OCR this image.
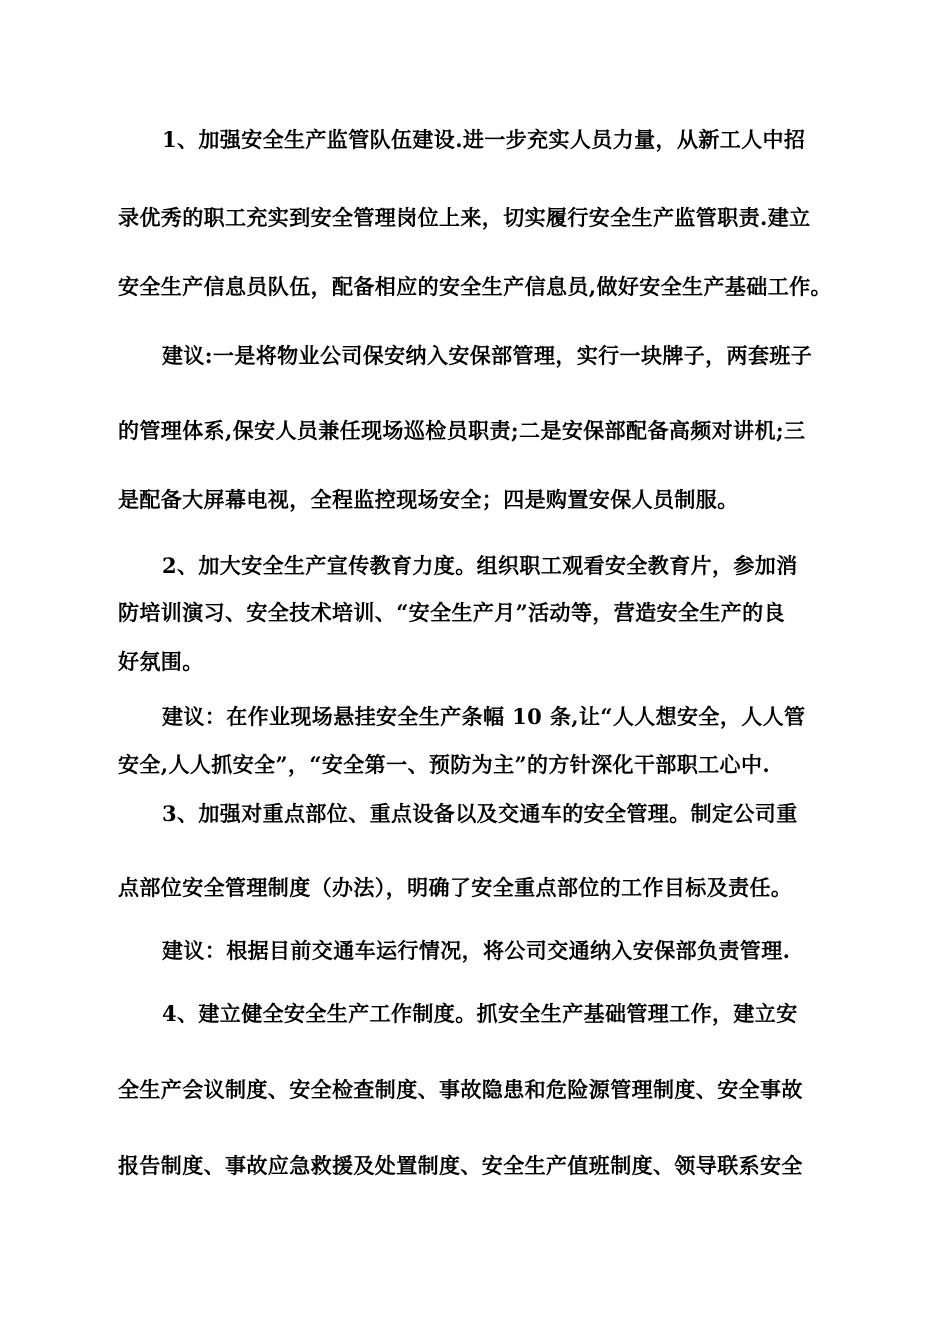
1、加强安全生产监管队伍建设.进一步充实人员力量，从新工人中招
录优秀的职工充实到安全管理岗位上来，切实履行安全生产监管职责.建立
安全生产信息员队伍，配备相应的安全生产信息员,做好安全生产基础工作。
建议:一是将物业公司保安纳入安保部管理，实行一块牌子，两套班子
的管理体系,保安人员兼任现场巡检员职责;二是安保部配备高频对讲机;三
是配备大屏幕电视，全程监控现场安全；四是购置安保人员制服。
2、加大安全生产宣传教育力度。组织职工观看安全教育片，参加消
防培训演习、安全技术培训、“安全生产月”活动等，营造安全生产的良
好氛围。
建议：在作业现场悬挂安全生产条幅 10 条,让“人人想安全，人人管
安全,人人抓安全”，“安全第一、预防为主”的方针深化干部职工心中.
3、加强对重点部位、重点设备以及交通车的安全管理。制定公司重
点部位安全管理制度（办法），明确了安全重点部位的工作目标及责任。
建议：根据目前交通车运行情况，将公司交通纳入安保部负责管理.
4、建立健全安全生产工作制度。抓安全生产基础管理工作，建立安
全生产会议制度、安全检查制度、事故隐患和危险源管理制度、安全事故
报告制度、事故应急救援及处置制度、安全生产值班制度、领导联系安全
